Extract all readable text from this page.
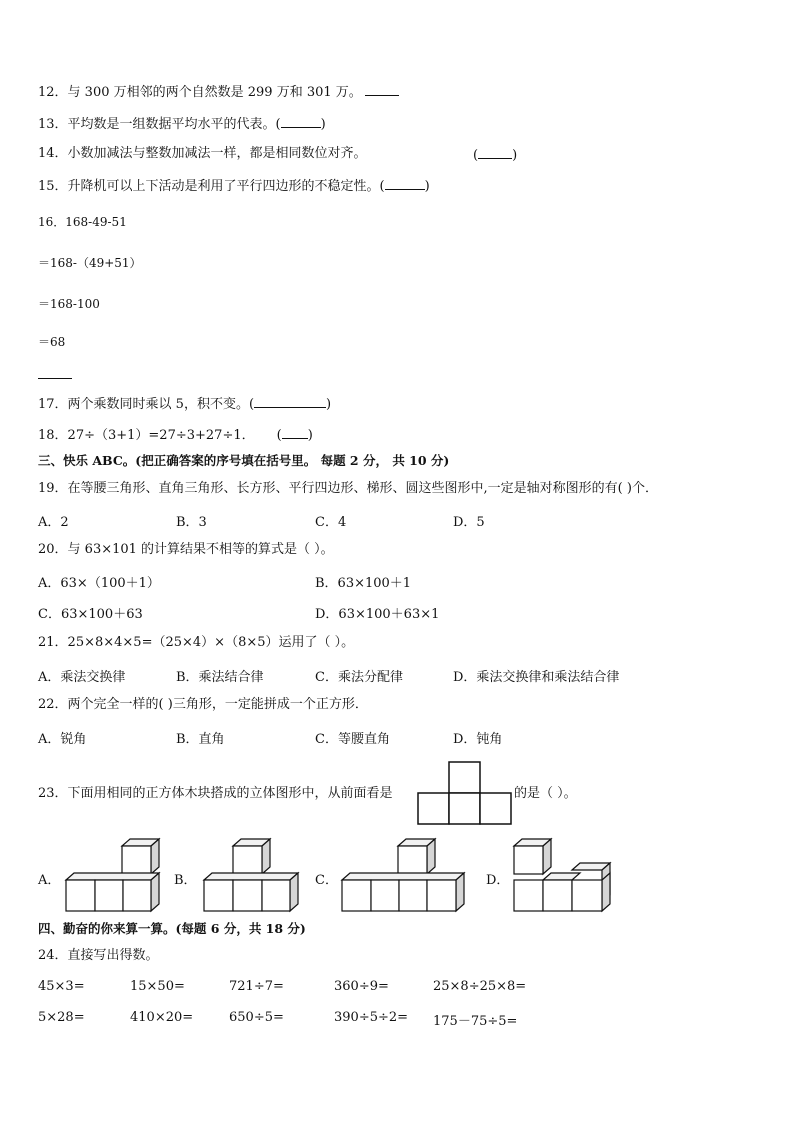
12．与 300 万相邻的两个自然数是 299 万和 301 万。
13．平均数是一组数据平均水平的代表。(	)
14．小数加减法与整数加减法一样，都是相同数位对齐。	(	)
15．升降机可以上下活动是利用了平行四边形的不稳定性。(	)
16．168-49-51
＝168-（49+51）
＝168-100
＝68
17．两个乘数同时乘以 5，积不变。(	)
18．27÷（3+1）=27÷3+27÷1． ( )
三、快乐 ABC。(把正确答案的序号填在括号里。 每题 2 分， 共 10 分)
19．在等腰三角形、直角三角形、长方形、平行四边形、梯形、圆这些图形中,一定是轴对称图形的有( )个．
A．2	B．3	C．4	D．5
20．与 63×101 的计算结果不相等的算式是（ ）。
A．63×（100＋1）	B．63×100＋1
C．63×100＋63	D．63×100＋63×1
21．25×8×4×5=（25×4）×（8×5）运用了（ ）。
A．乘法交换律	B．乘法结合律	C．乘法分配律	D．乘法交换律和乘法结合律
22．两个完全一样的( )三角形，一定能拼成一个正方形．
A．锐角	B．直角	C．等腰直角	D．钝角
23．下面用相同的正方体木块搭成的立体图形中，从前面看是	的是（ ）。
A．	B．	C．	D．
四、勤奋的你来算一算。(每题 6 分，共 18 分)
24．直接写出得数。
45×3=	15×50=	721÷7=	360÷9=	25×8÷25×8=
5×28=	410×20=	650÷5=	390÷5÷2= 175－75÷5=
